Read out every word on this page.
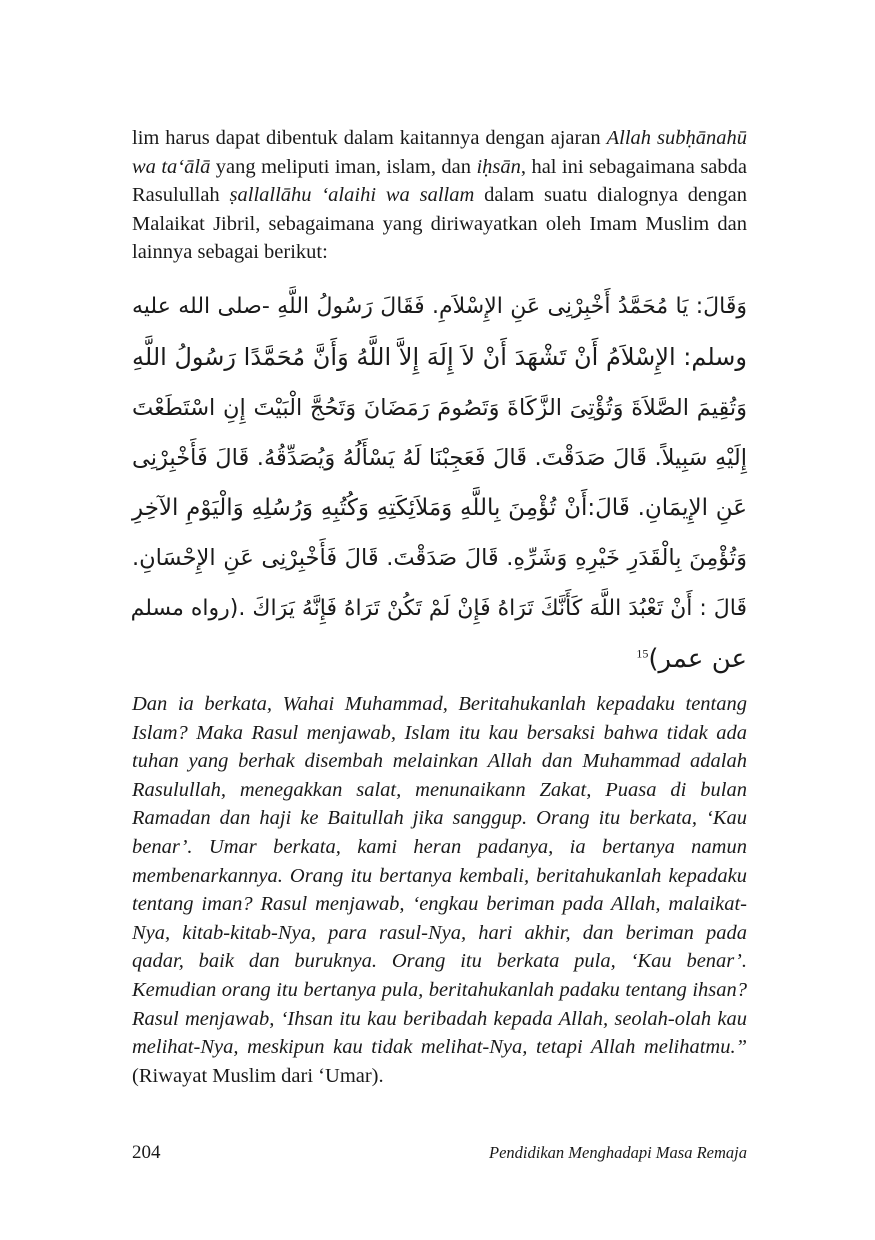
lim harus dapat dibentuk dalam kaitannya dengan ajaran Allah subḥānahū wa ta‘ālā yang meliputi iman, islam, dan iḥsān, hal ini sebagaimana sabda Rasulullah ṣallallāhu ‘alaihi wa sallam dalam suatu dialognya dengan Malaikat Jibril, sebagaimana yang diriwayatkan oleh Imam Muslim dan lainnya sebagai berikut:

وَقَالَ: يَا مُحَمَّدُ أَخْبِرْنِى عَنِ الإِسْلاَمِ. فَقَالَ رَسُولُ اللَّهِ -صلى الله عليه
وسلم: الإِسْلاَمُ أَنْ تَشْهَدَ أَنْ لاَ إِلَهَ إِلاَّ اللَّهُ وَأَنَّ مُحَمَّدًا رَسُولُ اللَّهِ
وَتُقِيمَ الصَّلاَةَ وَتُؤْتِىَ الزَّكَاةَ وَتَصُومَ رَمَضَانَ وَتَحُجَّ الْبَيْتَ إِنِ اسْتَطَعْتَ
إِلَيْهِ سَبِيلاً. قَالَ صَدَقْتَ. قَالَ فَعَجِبْنَا لَهُ يَسْأَلُهُ وَيُصَدِّقُهُ. قَالَ فَأَخْبِرْنِى
عَنِ الإِيمَانِ. قَالَ:أَنْ تُؤْمِنَ بِاللَّهِ وَمَلاَئِكَتِهِ وَكُتُبِهِ وَرُسُلِهِ وَالْيَوْمِ الآخِرِ
وَتُؤْمِنَ بِالْقَدَرِ خَيْرِهِ وَشَرِّهِ. قَالَ صَدَقْتَ. قَالَ فَأَخْبِرْنِى عَنِ الإِحْسَانِ.
قَالَ : أَنْ تَعْبُدَ اللَّهَ كَأَنَّكَ تَرَاهُ فَإِنْ لَمْ تَكُنْ تَرَاهُ فَإِنَّهُ يَرَاكَ .(رواه مسلم
عن عمر)$^{15}$

Dan ia berkata, Wahai Muhammad, Beritahukanlah kepadaku tentang Islam? Maka Rasul menjawab, Islam itu kau bersaksi bahwa tidak ada tuhan yang berhak disembah melainkan Allah dan Muhammad adalah Rasulullah, menegakkan salat, menunaikann Zakat, Puasa di bulan Ramadan dan haji ke Baitullah jika sanggup. Orang itu berkata, ‘Kau benar’. Umar berkata, kami heran padanya, ia bertanya namun membenarkannya. Orang itu bertanya kembali, beritahukanlah kepadaku tentang iman? Rasul menjawab, ‘engkau beriman pada Allah, malaikat-Nya, kitab-kitab-Nya, para rasul-Nya, hari akhir, dan beriman pada qadar, baik dan buruknya. Orang itu berkata pula, ‘Kau benar’. Kemudian orang itu bertanya pula, beritahukanlah padaku tentang ihsan? Rasul menjawab, ‘Ihsan itu kau beribadah kepada Allah, seolah-olah kau melihat-Nya, meskipun kau tidak melihat-Nya, tetapi Allah melihatmu.” (Riwayat Muslim dari ‘Umar).

204	Pendidikan Menghadapi Masa Remaja
